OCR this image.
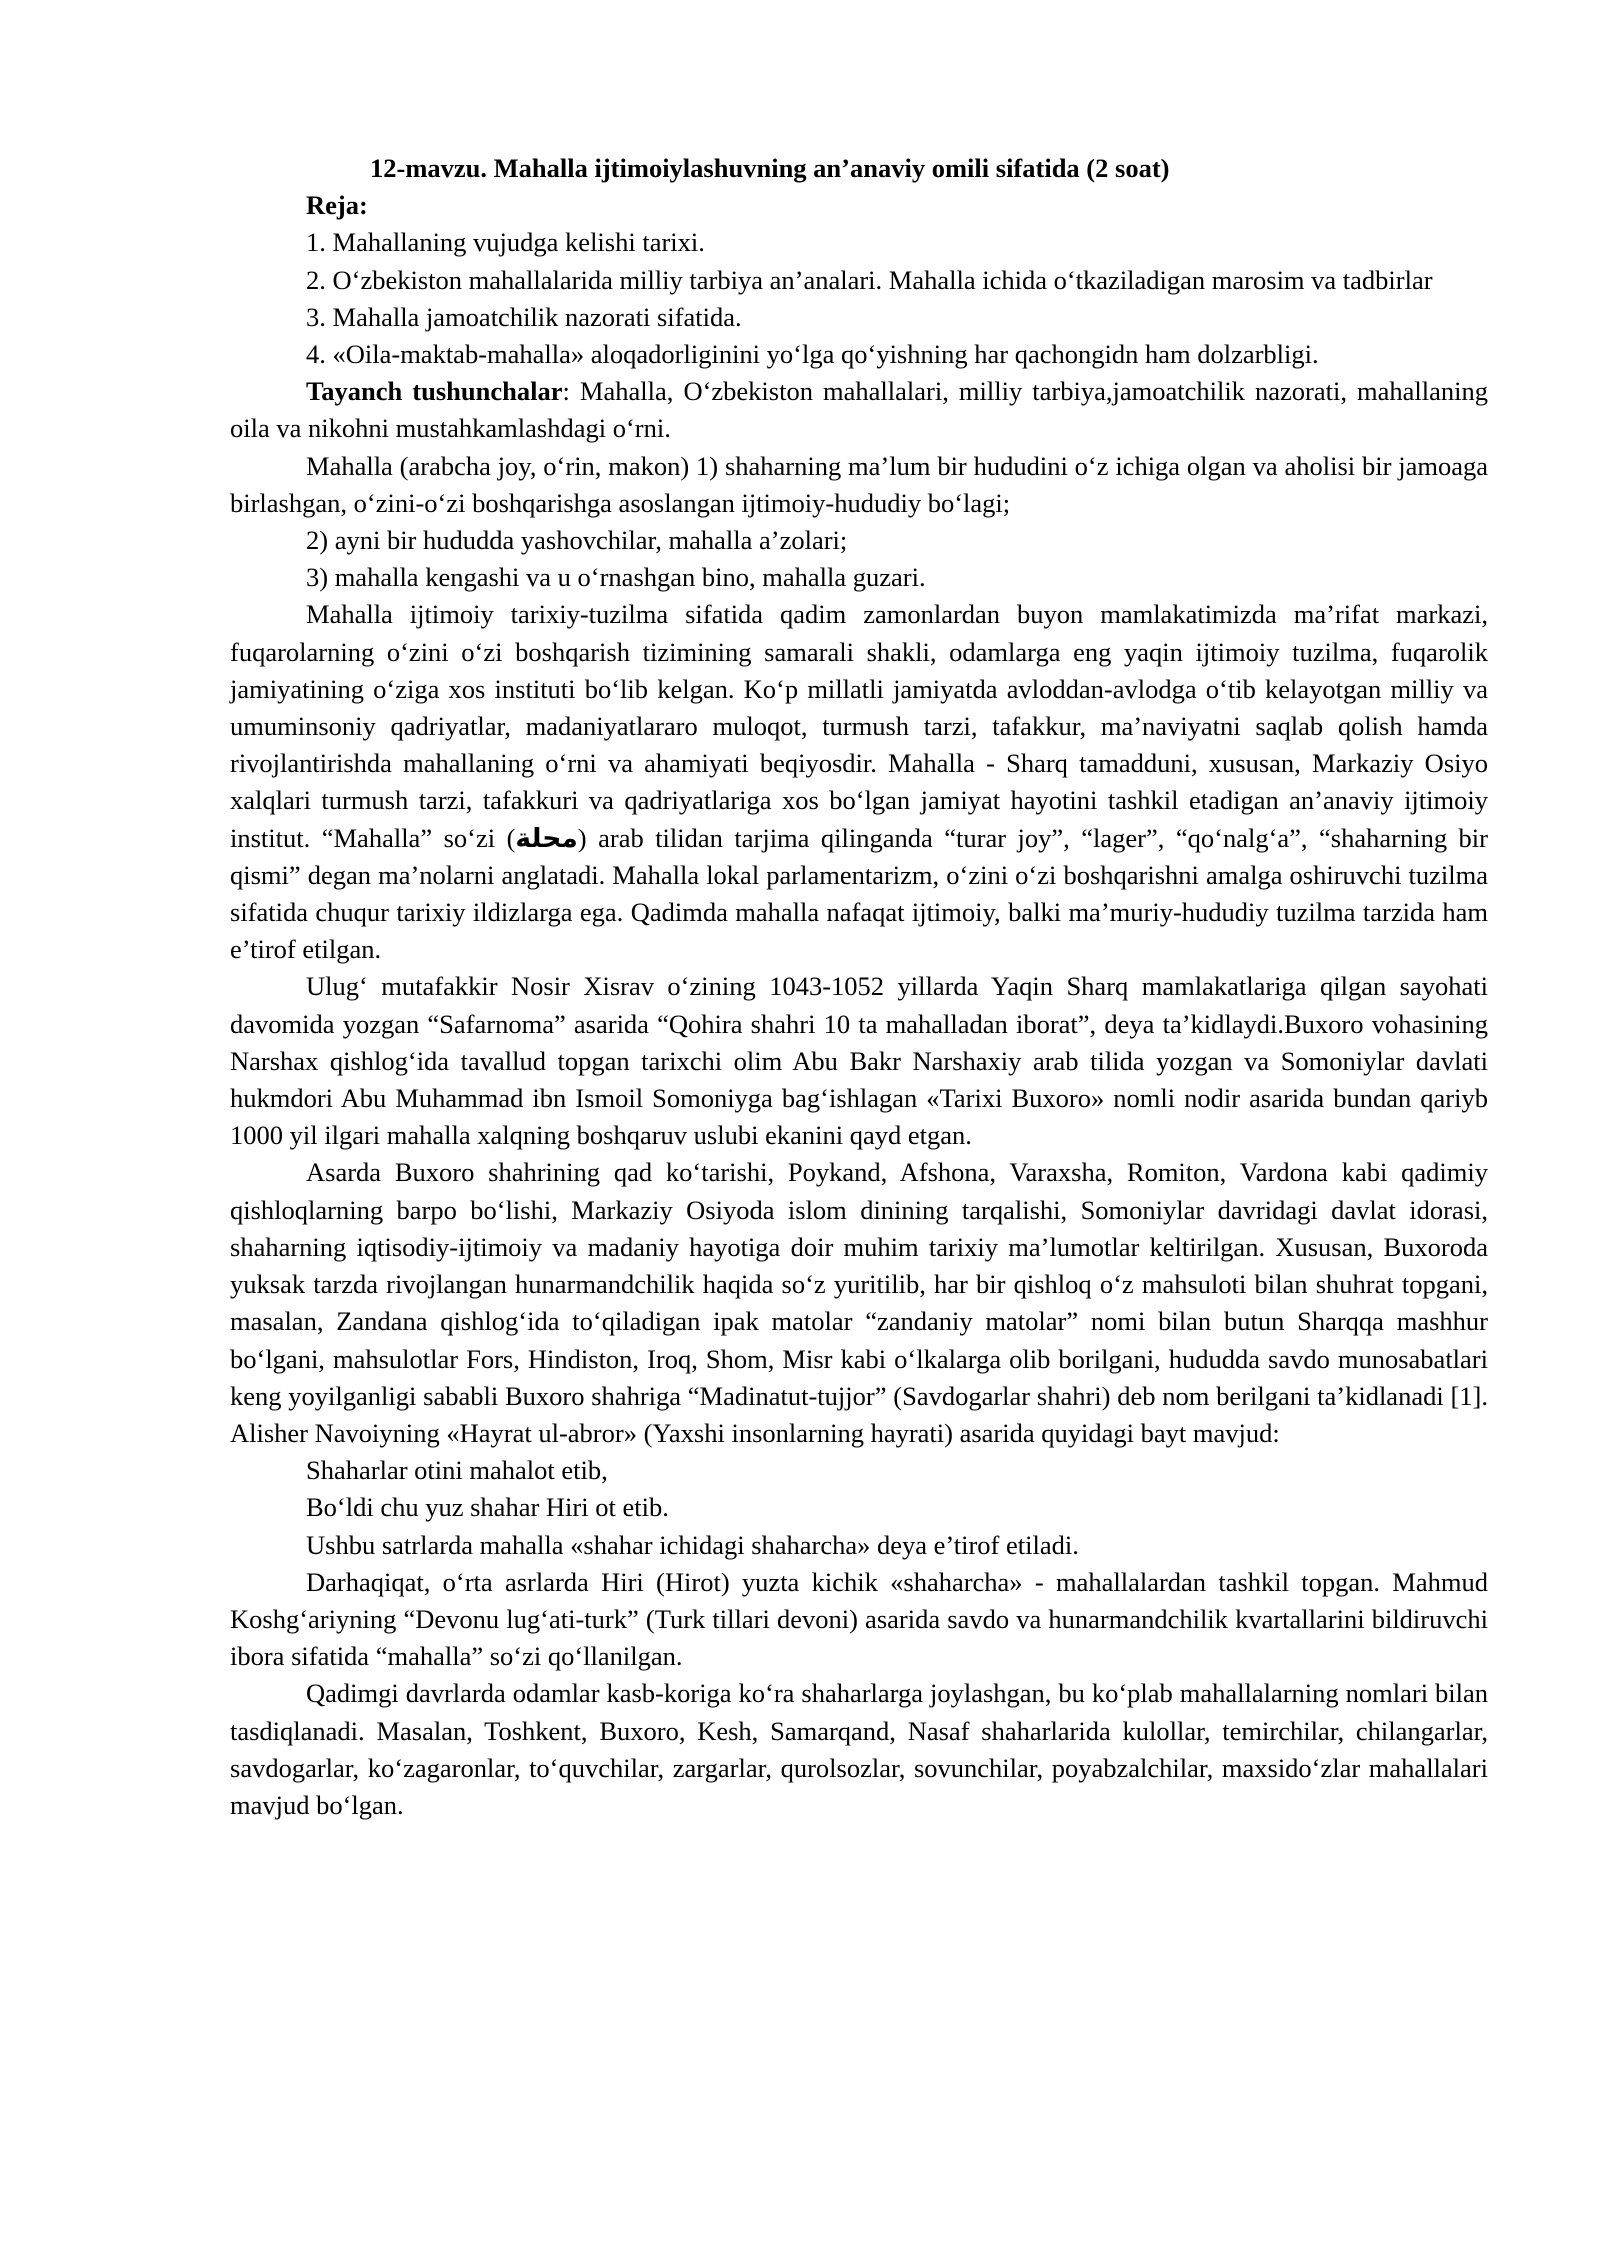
12-mavzu. Mahalla ijtimoiylashuvning an’anaviy omili sifatida (2 soat)
Reja:

1. Mahallaning vujudga kelishi tarixi.

2. O‘zbekiston mahallalarida milliy tarbiya an’analari. Mahalla ichida o‘tkaziladigan marosim va tadbirlar

3. Mahalla jamoatchilik nazorati sifatida.

4. «Oila-maktab-mahalla» aloqadorliginini yo‘lga qo‘yishning har qachongidn ham dolzarbligi.

Tayanch tushunchalar: Mahalla, O‘zbekiston mahallalari, milliy tarbiya,jamoatchilik nazorati, mahallaning oila va nikohni mustahkamlashdagi o‘rni.

Mahalla (arabcha joy, o‘rin, makon) 1) shaharning ma’lum bir hududini o‘z ichiga olgan va aholisi bir jamoaga birlashgan, o‘zini-o‘zi boshqarishga asoslangan ijtimoiy-hududiy bo‘lagi;

2) ayni bir hududda yashovchilar, mahalla a’zolari;

3) mahalla kengashi va u o‘rnashgan bino, mahalla guzari.

Mahalla ijtimoiy tarixiy-tuzilma sifatida qadim zamonlardan buyon mamlakatimizda ma’rifat markazi, fuqarolarning o‘zini o‘zi boshqarish tizimining samarali shakli, odamlarga eng yaqin ijtimoiy tuzilma, fuqarolik jamiyatining o‘ziga xos instituti bo‘lib kelgan. Ko‘p millatli jamiyatda avloddan-avlodga o‘tib kelayotgan milliy va umuminsoniy qadriyatlar, madaniyatlararo muloqot, turmush tarzi, tafakkur, ma’naviyatni saqlab qolish hamda rivojlantirishda mahallaning o‘rni va ahamiyati beqiyosdir. Mahalla - Sharq tamadduni, xususan, Markaziy Osiyo xalqlari turmush tarzi, tafakkuri va qadriyatlariga xos bo‘lgan jamiyat hayotini tashkil etadigan an’anaviy ijtimoiy institut. “Mahalla” so‘zi (محلة) arab tilidan tarjima qilinganda “turar joy”, “lager”, “qo‘nalg‘a”, “shaharning bir qismi” degan ma’nolarni anglatadi. Mahalla lokal parlamentarizm, o‘zini o‘zi boshqarishni amalga oshiruvchi tuzilma sifatida chuqur tarixiy ildizlarga ega. Qadimda mahalla nafaqat ijtimoiy, balki ma’muriy-hududiy tuzilma tarzida ham e’tirof etilgan.

Ulug‘ mutafakkir Nosir Xisrav o‘zining 1043-1052 yillarda Yaqin Sharq mamlakatlariga qilgan sayohati davomida yozgan “Safarnoma” asarida “Qohira shahri 10 ta mahalladan iborat”, deya ta’kidlaydi.Buxoro vohasining Narshax qishlog‘ida tavallud topgan tarixchi olim Abu Bakr Narshaxiy arab tilida yozgan va Somoniylar davlati hukmdori Abu Muhammad ibn Ismoil Somoniyga bag‘ishlagan «Tarixi Buxoro» nomli nodir asarida bundan qariyb 1000 yil ilgari mahalla xalqning boshqaruv uslubi ekanini qayd etgan.

Asarda Buxoro shahrining qad ko‘tarishi, Poykand, Afshona, Varaxsha, Romiton, Vardona kabi qadimiy qishloqlarning barpo bo‘lishi, Markaziy Osiyoda islom dinining tarqalishi, Somoniylar davridagi davlat idorasi, shaharning iqtisodiy-ijtimoiy va madaniy hayotiga doir muhim tarixiy ma’lumotlar keltirilgan. Xususan, Buxoroda yuksak tarzda rivojlangan hunarmandchilik haqida so‘z yuritilib, har bir qishloq o‘z mahsuloti bilan shuhrat topgani, masalan, Zandana qishlog‘ida to‘qiladigan ipak matolar “zandaniy matolar” nomi bilan butun Sharqqa mashhur bo‘lgani, mahsulotlar Fors, Hindiston, Iroq, Shom, Misr kabi o‘lkalarga olib borilgani, hududda savdo munosabatlari keng yoyilganligi sababli Buxoro shahriga “Madinatut-tujjor” (Savdogarlar shahri) deb nom berilgani ta’kidlanadi [1]. Alisher Navoiyning «Hayrat ul-abror» (Yaxshi insonlarning hayrati) asarida quyidagi bayt mavjud:

Shaharlar otini mahalot etib,
Bo‘ldi chu yuz shahar Hiri ot etib.

Ushbu satrlarda mahalla «shahar ichidagi shaharcha» deya e’tirof etiladi.

Darhaqiqat, o‘rta asrlarda Hiri (Hirot) yuzta kichik «shaharcha» - mahallalardan tashkil topgan. Mahmud Koshg‘ariyning “Devonu lug‘ati-turk” (Turk tillari devoni) asarida savdo va hunarmandchilik kvartallarini bildiruvchi ibora sifatida “mahalla” so‘zi qo‘llanilgan.

Qadimgi davrlarda odamlar kasb-koriga ko‘ra shaharlarga joylashgan, bu ko‘plab mahallalarning nomlari bilan tasdiqlanadi. Masalan, Toshkent, Buxoro, Kesh, Samarqand, Nasaf shaharlarida kulollar, temirchilar, chilangarlar, savdogarlar, ko‘zagaronlar, to‘quvchilar, zargarlar, qurolsozlar, sovunchilar, poyabzalchilar, maxsido‘zlar mahallalari mavjud bo‘lgan.
